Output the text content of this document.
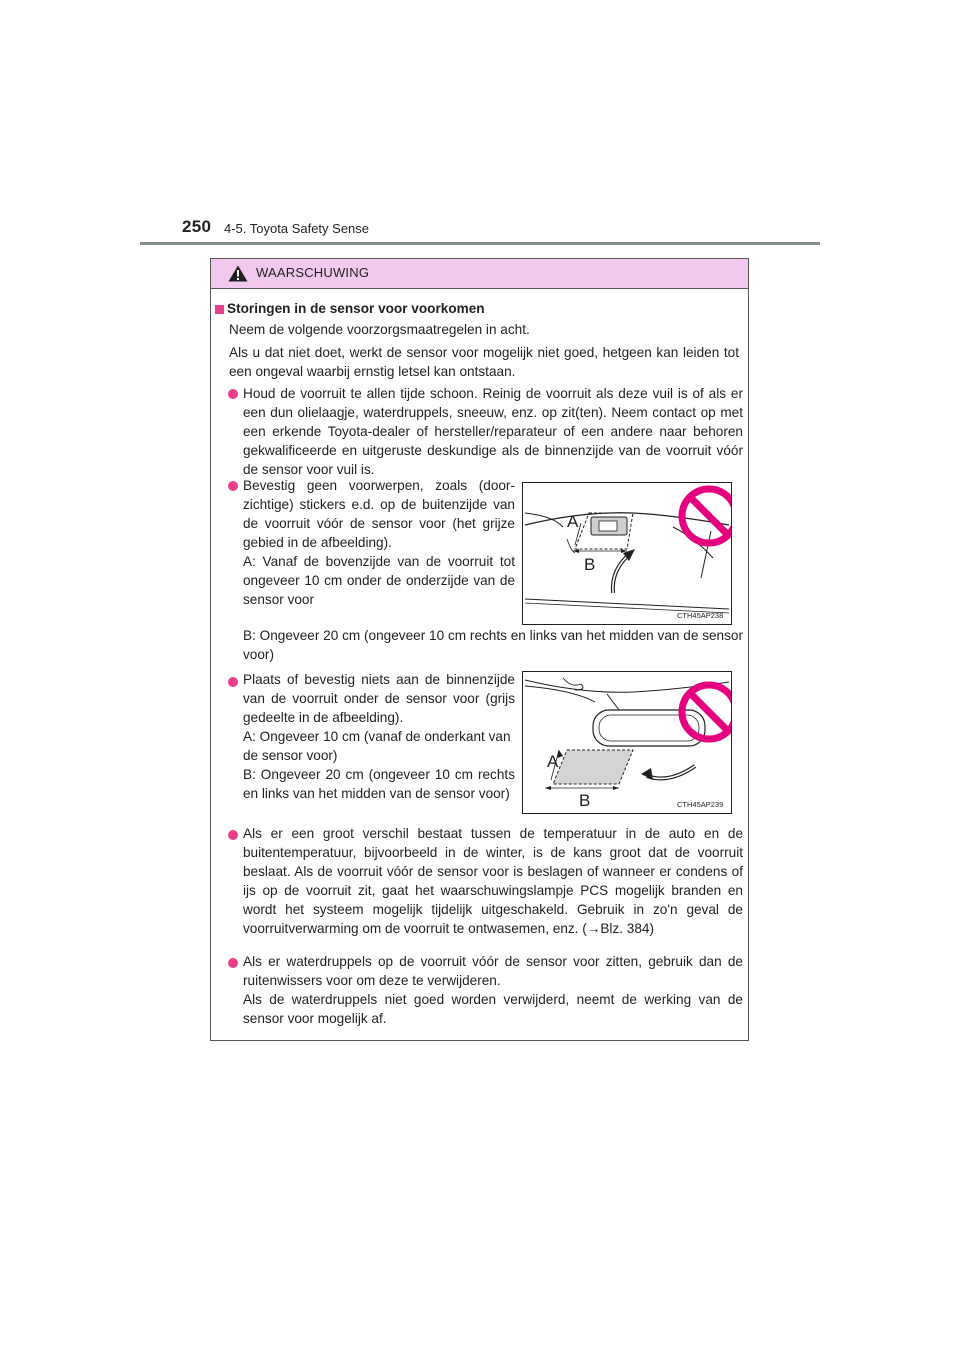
250 4-5. Toyota Safety Sense
WAARSCHUWING
Storingen in de sensor voor voorkomen
Neem de volgende voorzorgsmaatregelen in acht.
Als u dat niet doet, werkt de sensor voor mogelijk niet goed, hetgeen kan leiden tot een ongeval waarbij ernstig letsel kan ontstaan.
Houd de voorruit te allen tijde schoon. Reinig de voorruit als deze vuil is of als er een dun olielaagje, waterdruppels, sneeuw, enz. op zit(ten). Neem contact op met een erkende Toyota-dealer of hersteller/reparateur of een andere naar behoren gekwalificeerde en uitgeruste deskundige als de binnenzijde van de voorruit vóór de sensor voor vuil is.
Bevestig geen voorwerpen, zoals (doorzichtige) stickers e.d. op de buitenzijde van de voorruit vóór de sensor voor (het grijze gebied in de afbeelding).
A: Vanaf de bovenzijde van de voorruit tot ongeveer 10 cm onder de onderzijde van de sensor voor
B: Ongeveer 20 cm (ongeveer 10 cm rechts en links van het midden van de sensor voor)
A
B
CTH45AP238
Plaats of bevestig niets aan de binnenzijde van de voorruit onder de sensor voor (grijs gedeelte in de afbeelding).
A: Ongeveer 10 cm (vanaf de onderkant van de sensor voor)
B: Ongeveer 20 cm (ongeveer 10 cm rechts en links van het midden van de sensor voor)
A
B	CTH45AP239
Als er een groot verschil bestaat tussen de temperatuur in de auto en de buitentemperatuur, bijvoorbeeld in de winter, is de kans groot dat de voorruit beslaat. Als de voorruit vóór de sensor voor is beslagen of wanneer er condens of ijs op de voorruit zit, gaat het waarschuwingslampje PCS mogelijk branden en wordt het systeem mogelijk tijdelijk uitgeschakeld. Gebruik in zo'n geval de voorruitverwarming om de voorruit te ontwasemen, enz. (→Blz. 384)
Als er waterdruppels op de voorruit vóór de sensor voor zitten, gebruik dan de ruitenwissers voor om deze te verwijderen.
Als de waterdruppels niet goed worden verwijderd, neemt de werking van de sensor voor mogelijk af.
